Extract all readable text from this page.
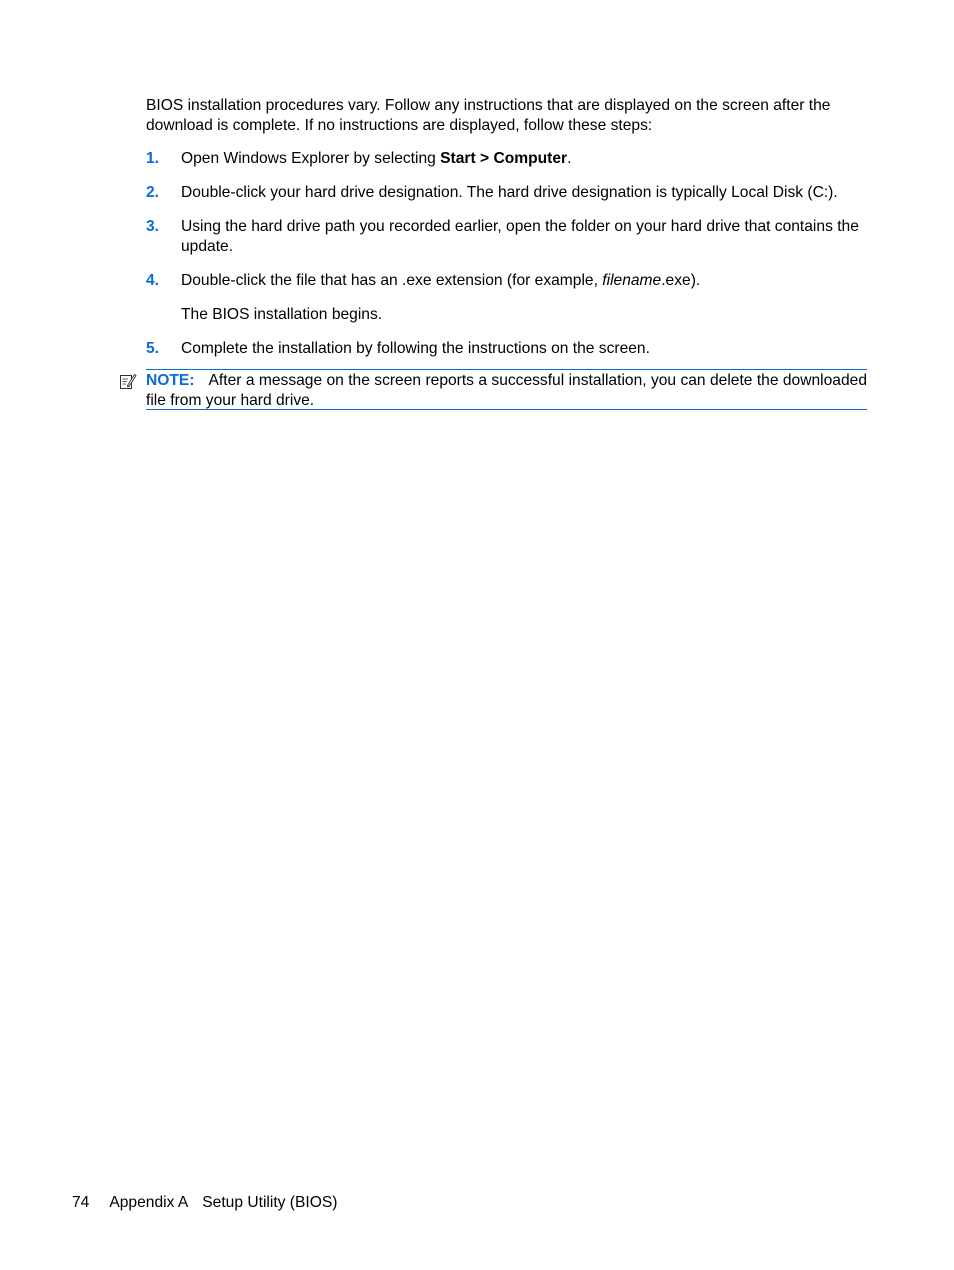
BIOS installation procedures vary. Follow any instructions that are displayed on the screen after the download is complete. If no instructions are displayed, follow these steps:

1. Open Windows Explorer by selecting Start > Computer.
2. Double-click your hard drive designation. The hard drive designation is typically Local Disk (C:).
3. Using the hard drive path you recorded earlier, open the folder on your hard drive that contains the update.
4. Double-click the file that has an .exe extension (for example, filename.exe).
The BIOS installation begins.
5. Complete the installation by following the instructions on the screen.

NOTE: After a message on the screen reports a successful installation, you can delete the downloaded file from your hard drive.

74 Appendix A Setup Utility (BIOS)
